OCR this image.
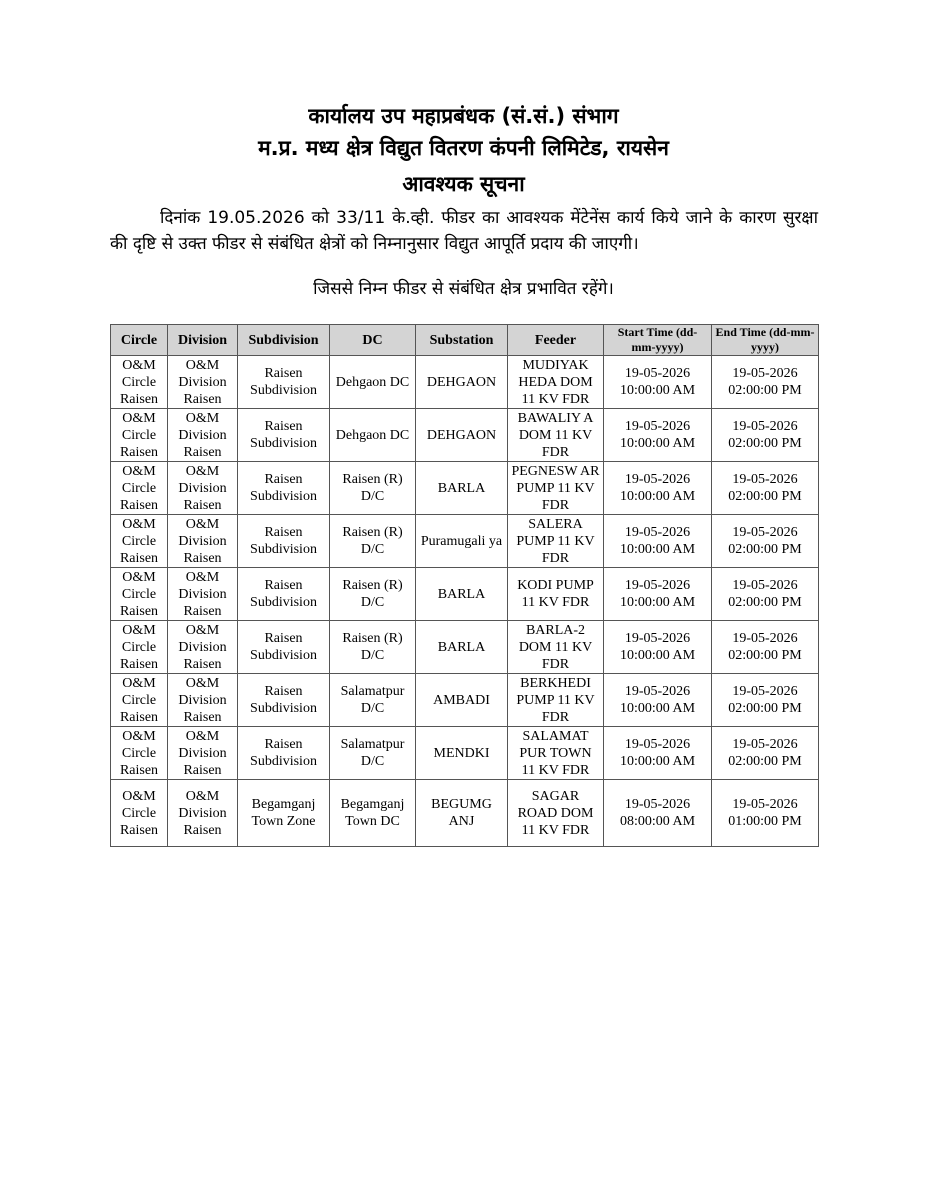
कार्यालय उप महाप्रबंधक (सं.सं.) संभाग
म.प्र. मध्य क्षेत्र विद्युत वितरण कंपनी लिमिटेड, रायसेन
आवश्यक सूचना
दिनांक 19.05.2026 को 33/11 के.व्ही. फीडर का आवश्यक मेंटेनेंस कार्य किये जाने के कारण सुरक्षा की दृष्टि से उक्त फीडर से संबंधित क्षेत्रों को निम्नानुसार विद्युत आपूर्ति प्रदाय की जाएगी।
जिससे निम्न फीडर से संबंधित क्षेत्र प्रभावित रहेंगे।
Circle	Division	Subdivision	DC	Substation	Feeder	Start Time (dd-mm-yyyy)	End Time (dd-mm-yyyy)
O&M Circle Raisen	O&M Division Raisen	Raisen Subdivision	Dehgaon DC	DEHGAON	MUDIYAK HEDA DOM 11 KV FDR	19-05-2026 10:00:00 AM	19-05-2026 02:00:00 PM
O&M Circle Raisen	O&M Division Raisen	Raisen Subdivision	Dehgaon DC	DEHGAON	BAWALIY A DOM 11 KV FDR	19-05-2026 10:00:00 AM	19-05-2026 02:00:00 PM
O&M Circle Raisen	O&M Division Raisen	Raisen Subdivision	Raisen (R) D/C	BARLA	PEGNESW AR PUMP 11 KV FDR	19-05-2026 10:00:00 AM	19-05-2026 02:00:00 PM
O&M Circle Raisen	O&M Division Raisen	Raisen Subdivision	Raisen (R) D/C	Puramugali ya	SALERA PUMP 11 KV FDR	19-05-2026 10:00:00 AM	19-05-2026 02:00:00 PM
O&M Circle Raisen	O&M Division Raisen	Raisen Subdivision	Raisen (R) D/C	BARLA	KODI PUMP 11 KV FDR	19-05-2026 10:00:00 AM	19-05-2026 02:00:00 PM
O&M Circle Raisen	O&M Division Raisen	Raisen Subdivision	Raisen (R) D/C	BARLA	BARLA-2 DOM 11 KV FDR	19-05-2026 10:00:00 AM	19-05-2026 02:00:00 PM
O&M Circle Raisen	O&M Division Raisen	Raisen Subdivision	Salamatpur D/C	AMBADI	BERKHEDI PUMP 11 KV FDR	19-05-2026 10:00:00 AM	19-05-2026 02:00:00 PM
O&M Circle Raisen	O&M Division Raisen	Raisen Subdivision	Salamatpur D/C	MENDKI	SALAMAT PUR TOWN 11 KV FDR	19-05-2026 10:00:00 AM	19-05-2026 02:00:00 PM
O&M Circle Raisen	O&M Division Raisen	Begamganj Town Zone	Begamganj Town DC	BEGUMG ANJ	SAGAR ROAD DOM 11 KV FDR	19-05-2026 08:00:00 AM	19-05-2026 01:00:00 PM
